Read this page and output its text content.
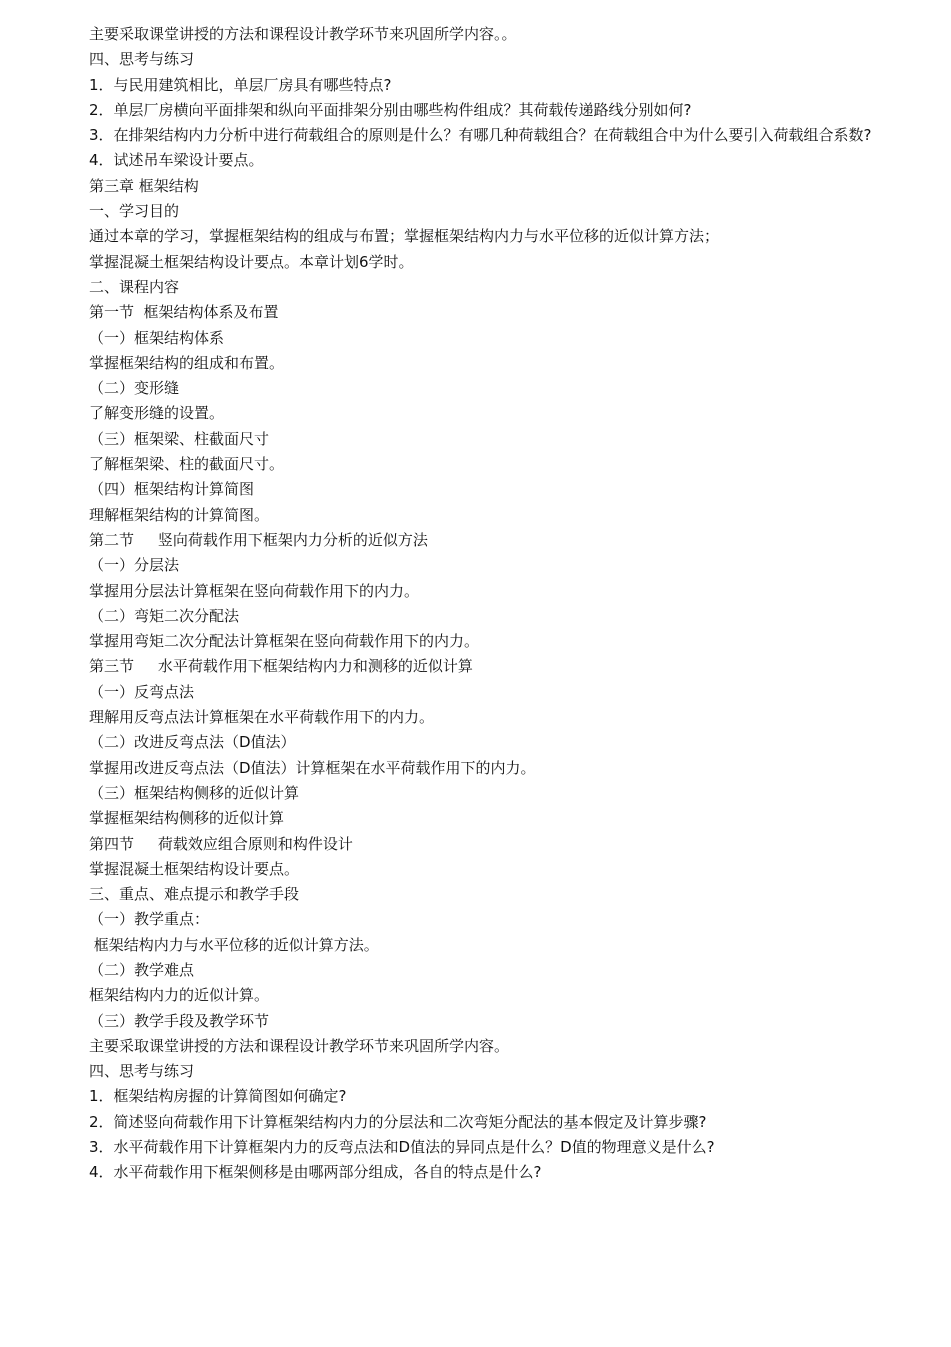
主要采取课堂讲授的方法和课程设计教学环节来巩固所学内容。。

四、思考与练习

1．与民用建筑相比，单层厂房具有哪些特点?

2．单层厂房横向平面排架和纵向平面排架分别由哪些构件组成？其荷载传递路线分别如何?

3．在排架结构内力分析中进行荷载组合的原则是什么？有哪几种荷载组合？在荷载组合中为什么要引入荷载组合系数?

4．试述吊车梁设计要点。

第三章 框架结构

一、学习目的

通过本章的学习，掌握框架结构的组成与布置；掌握框架结构内力与水平位移的近似计算方法；

掌握混凝土框架结构设计要点。本章计划6学时。

二、课程内容

第一节  框架结构体系及布置

（一）框架结构体系

掌握框架结构的组成和布置。

（二）变形缝

了解变形缝的设置。

（三）框架梁、柱截面尺寸

了解框架梁、柱的截面尺寸。

（四）框架结构计算简图

理解框架结构的计算简图。

第二节     竖向荷载作用下框架内力分析的近似方法

（一）分层法

掌握用分层法计算框架在竖向荷载作用下的内力。

（二）弯矩二次分配法

掌握用弯矩二次分配法计算框架在竖向荷载作用下的内力。

第三节     水平荷载作用下框架结构内力和测移的近似计算

（一）反弯点法

理解用反弯点法计算框架在水平荷载作用下的内力。

（二）改进反弯点法（D值法）

掌握用改进反弯点法（D值法）计算框架在水平荷载作用下的内力。

（三）框架结构侧移的近似计算

掌握框架结构侧移的近似计算

第四节     荷载效应组合原则和构件设计

掌握混凝土框架结构设计要点。

三、重点、难点提示和教学手段

（一）教学重点：

框架结构内力与水平位移的近似计算方法。

（二）教学难点

框架结构内力的近似计算。

（三）教学手段及教学环节

主要采取课堂讲授的方法和课程设计教学环节来巩固所学内容。

四、思考与练习

1．框架结构房握的计算简图如何确定?

2．简述竖向荷载作用下计算框架结构内力的分层法和二次弯矩分配法的基本假定及计算步骤?

3．水平荷载作用下计算框架内力的反弯点法和D值法的异同点是什么？D值的物理意义是什么?

4．水平荷载作用下框架侧移是由哪两部分组成，各自的特点是什么?
